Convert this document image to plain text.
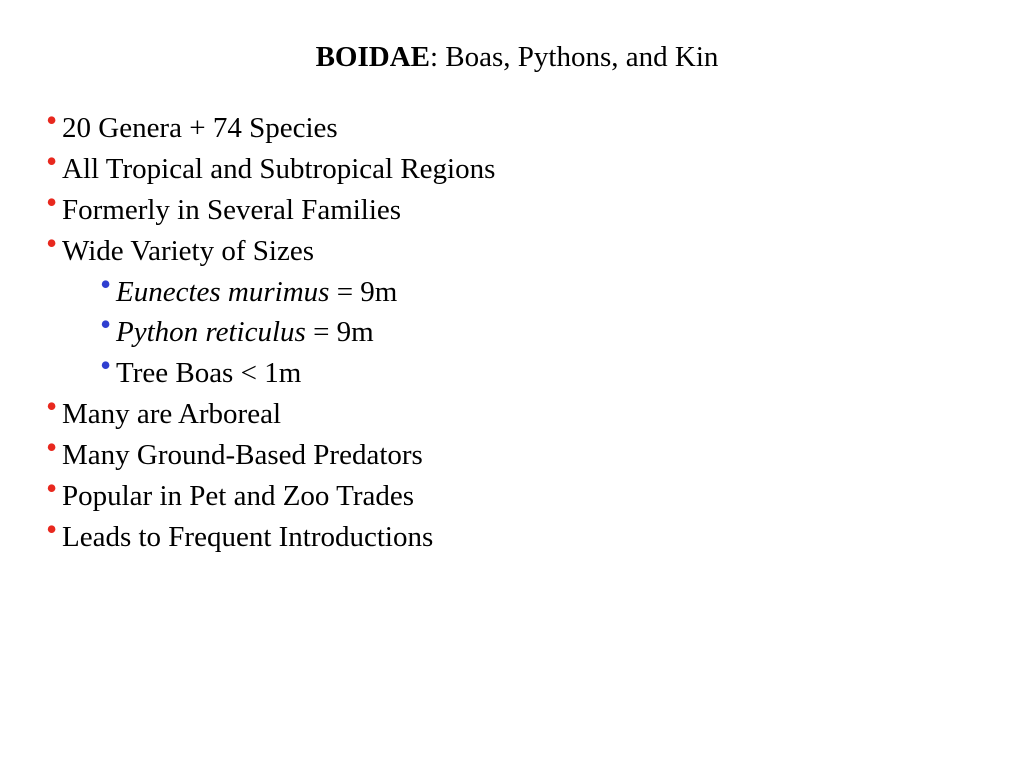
BOIDAE: Boas, Pythons, and Kin
• 20 Genera + 74 Species
• All Tropical and Subtropical Regions
• Formerly in Several Families
• Wide Variety of Sizes
• Eunectes murimus = 9m
• Python reticulus = 9m
• Tree Boas < 1m
• Many are Arboreal
• Many Ground-Based Predators
• Popular in Pet and Zoo Trades
• Leads to Frequent Introductions
